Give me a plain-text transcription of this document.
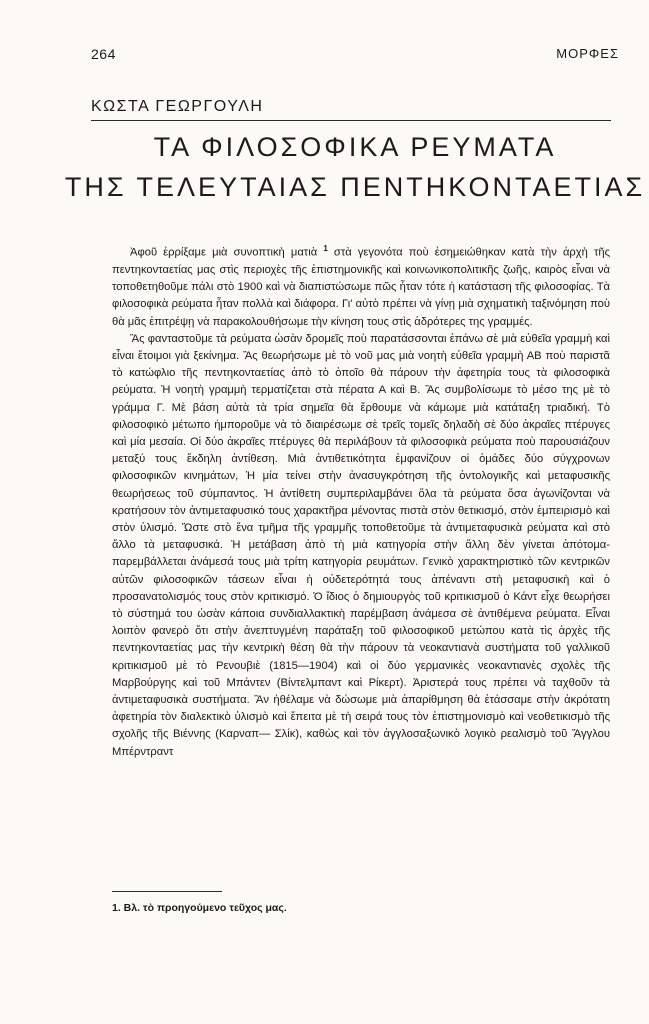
264	ΜΟΡΦΕΣ
ΚΩΣΤΑ ΓΕΩΡΓΟΥΛΗ
ΤΑ ΦΙΛΟΣΟΦΙΚΑ ΡΕΥΜΑΤΑ
ΤΗΣ ΤΕΛΕΥΤΑΙΑΣ ΠΕΝΤΗΚΟΝΤΑΕΤΙΑΣ

Ἀφοῦ ἐρρίξαμε μιὰ συνοπτικὴ ματιὰ $^1$ στὰ γεγονότα ποὺ ἐσημειώθηκαν κατὰ τὴν ἀρχὴ τῆς πεντηκονταετίας μας στὶς περιοχὲς τῆς ἐπιστημονικῆς καὶ κοινωνικοπολιτικῆς ζωῆς, καιρὸς εἶναι νὰ τοποθετηθοῦμε πάλι στὸ 1900 καὶ νὰ διαπιστώσωμε πῶς ἦταν τότε ἡ κατάσταση τῆς φιλοσοφίας. Τὰ φιλοσοφικὰ ρεύματα ἦταν πολλὰ καὶ διάφορα. Γι' αὐτὸ πρέπει νὰ γίνῃ μιὰ σχηματικὴ ταξινόμηση ποὺ θὰ μᾶς ἐπιτρέψῃ νὰ παρακολουθήσωμε τὴν κίνηση τους στὶς ἁδρότερες της γραμμές.

Ἂς φανταστοῦμε τὰ ρεύματα ὡσὰν δρομεῖς ποὺ παρατάσσονται ἐπάνω σὲ μιὰ εὐθεῖα γραμμὴ καὶ εἶναι ἕτοιμοι γιὰ ξεκίνημα. Ἂς θεωρήσωμε μὲ τὸ νοῦ μας μιὰ νοητὴ εὐθεῖα γραμμὴ ΑΒ ποὺ παριστᾶ τὸ κατώφλιο τῆς πεντηκονταετίας ἀπὸ τὸ ὁποῖο θὰ πάρουν τὴν ἀφετηρία τους τὰ φιλοσοφικὰ ρεύματα. Ἡ νοητὴ γραμμὴ τερματίζεται στὰ πέρατα Α καὶ Β. Ἂς συμβολίσωμε τὸ μέσο της μὲ τὸ γράμμα Γ. Μὲ βάση αὐτὰ τὰ τρία σημεῖα θὰ ἔρθουμε νὰ κάμωμε μιὰ κατάταξη τριαδική. Τὸ φιλοσοφικὸ μέτωπο ἠμποροῦμε νὰ τὸ διαιρέσωμε σὲ τρεῖς τομεῖς δηλαδὴ σὲ δύο ἀκραῖες πτέρυγες καὶ μία μεσαία. Οἱ δύο ἀκραῖες πτέρυγες θὰ περιλάβουν τὰ φιλοσοφικὰ ρεύματα ποὺ παρουσιάζουν μεταξύ τους ἔκδηλη ἀντίθεση. Μιὰ ἀντιθετικότητα ἐμφανίζουν οἱ ὁμάδες δύο σύγχρονων φιλοσοφικῶν κινημάτων, Ἡ μία τείνει στὴν ἀνασυγκρότηση τῆς ὀντολογικῆς καὶ μεταφυσικῆς θεωρήσεως τοῦ σύμπαντος. Ἡ ἀντίθετη συμπεριλαμβάνει ὅλα τὰ ρεύματα ὅσα ἀγωνίζονται νὰ κρατήσουν τὸν ἀντιμεταφυσικό τους χαρακτῆρα μένοντας πιστὰ στὸν θετικισμό, στὸν ἐμπειρισμὸ καὶ στὸν ὑλισμό. Ὥστε στὸ ἕνα τμῆμα τῆς γραμμῆς τοποθετοῦμε τὰ ἀντιμεταφυσικὰ ρεύματα καὶ στὸ ἄλλο τὰ μεταφυσικά. Ἡ μετάβαση ἀπὸ τὴ μιὰ κατηγορία στὴν ἄλλη δὲν γίνεται ἀπότομα- παρεμβάλλεται ἀνάμεσά τους μιὰ τρίτη κατηγορία ρευμάτων. Γενικὸ χαρακτηριστικὸ τῶν κεντρικῶν αὐτῶν φιλοσοφικῶν τάσεων εἶναι ἡ οὐδετερότητά τους ἀπέναντι στὴ μεταφυσικὴ καὶ ὁ προσανατολισμός τους στὸν κριτικισμό. Ὁ ἴδιος ὁ δημιουργὸς τοῦ κριτικισμοῦ ὁ Κάντ εἶχε θεωρήσει τὸ σύστημά του ὡσὰν κάποια συνδιαλλακτικὴ παρέμβαση ἀνάμεσα σὲ ἀντιθέμενα ρεύματα. Εἶναι λοιπὸν φανερὸ ὅτι στὴν ἀνεπτυγμένη παράταξη τοῦ φιλοσοφικοῦ μετώπου κατὰ τὶς ἀρχὲς τῆς πεντηκονταετίας μας τὴν κεντρικὴ θέση θὰ τὴν πάρουν τὰ νεοκαντιανὰ συστήματα τοῦ γαλλικοῦ κριτικισμοῦ μὲ τὸ Ρενουβιὲ (1815—1904) καὶ οἱ δύο γερμανικὲς νεοκαντιανὲς σχολὲς τῆς Μαρβούργης καὶ τοῦ Μπάντεν (Βίντελμπαντ καὶ Ρίκερτ). Ἀριστερά τους πρέπει νὰ ταχθοῦν τὰ ἀντιμεταφυσικὰ συστήματα. Ἂν ἠθέλαμε νὰ δώσωμε μιὰ ἀπαρίθμηση θὰ ἐτάσσαμε στὴν ἀκρότατη ἀφετηρία τὸν διαλεκτικὸ ὑλισμὸ καὶ ἔπειτα μὲ τὴ σειρά τους τὸν ἐπιστημονισμὸ καὶ νεοθετικισμὸ τῆς σχολῆς τῆς Βιέννης (Καρναπ— Σλίκ), καθὼς καὶ τὸν ἀγγλοσαξωνικὸ λογικὸ ρεαλισμὸ τοῦ Ἄγγλου Μπέρντραντ

1. Βλ. τὸ προηγούμενο τεῦχος μας.
